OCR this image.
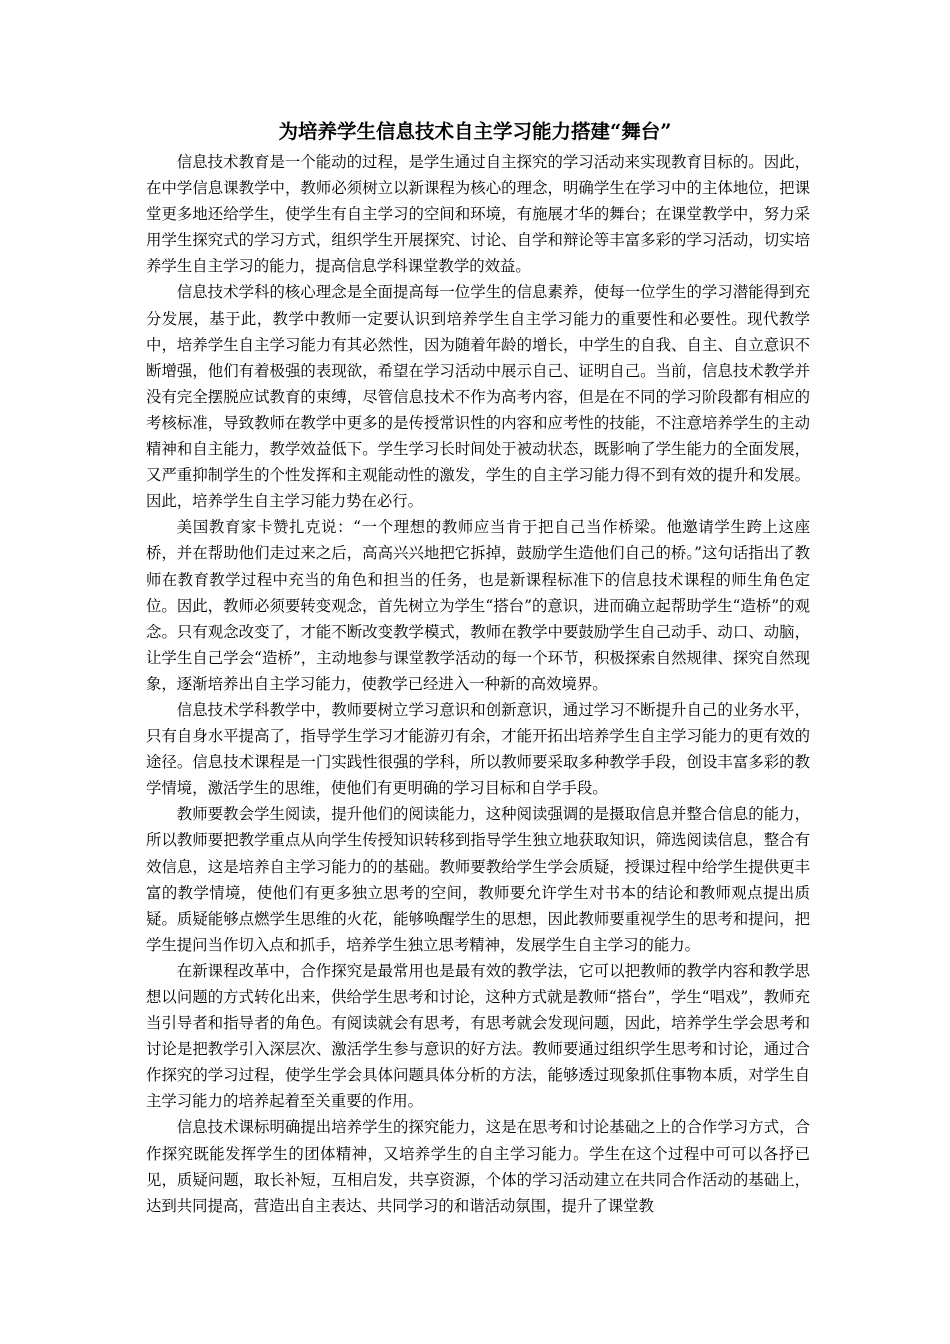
为培养学生信息技术自主学习能力搭建“舞台”

信息技术教育是一个能动的过程，是学生通过自主探究的学习活动来实现教育目标的。因此，在中学信息课教学中，教师必须树立以新课程为核心的理念，明确学生在学习中的主体地位，把课堂更多地还给学生，使学生有自主学习的空间和环境，有施展才华的舞台；在课堂教学中，努力采用学生探究式的学习方式，组织学生开展探究、讨论、自学和辩论等丰富多彩的学习活动，切实培养学生自主学习的能力，提高信息学科课堂教学的效益。

信息技术学科的核心理念是全面提高每一位学生的信息素养，使每一位学生的学习潜能得到充分发展，基于此，教学中教师一定要认识到培养学生自主学习能力的重要性和必要性。现代教学中，培养学生自主学习能力有其必然性，因为随着年龄的增长，中学生的自我、自主、自立意识不断增强，他们有着极强的表现欲，希望在学习活动中展示自己、证明自己。当前，信息技术教学并没有完全摆脱应试教育的束缚，尽管信息技术不作为高考内容，但是在不同的学习阶段都有相应的考核标准，导致教师在教学中更多的是传授常识性的内容和应考性的技能，不注意培养学生的主动精神和自主能力，教学效益低下。学生学习长时间处于被动状态，既影响了学生能力的全面发展，又严重抑制学生的个性发挥和主观能动性的激发，学生的自主学习能力得不到有效的提升和发展。因此，培养学生自主学习能力势在必行。

美国教育家卡赞扎克说：“一个理想的教师应当肯于把自己当作桥梁。他邀请学生跨上这座桥，并在帮助他们走过来之后，高高兴兴地把它拆掉，鼓励学生造他们自己的桥。”这句话指出了教师在教育教学过程中充当的角色和担当的任务，也是新课程标准下的信息技术课程的师生角色定位。因此，教师必须要转变观念，首先树立为学生“搭台”的意识，进而确立起帮助学生“造桥”的观念。只有观念改变了，才能不断改变教学模式，教师在教学中要鼓励学生自己动手、动口、动脑，让学生自己学会“造桥”，主动地参与课堂教学活动的每一个环节，积极探索自然规律、探究自然现象，逐渐培养出自主学习能力，使教学已经进入一种新的高效境界。

信息技术学科教学中，教师要树立学习意识和创新意识，通过学习不断提升自己的业务水平，只有自身水平提高了，指导学生学习才能游刃有余，才能开拓出培养学生自主学习能力的更有效的途径。信息技术课程是一门实践性很强的学科，所以教师要采取多种教学手段，创设丰富多彩的教学情境，激活学生的思维，使他们有更明确的学习目标和自学手段。

教师要教会学生阅读，提升他们的阅读能力，这种阅读强调的是摄取信息并整合信息的能力，所以教师要把教学重点从向学生传授知识转移到指导学生独立地获取知识，筛选阅读信息，整合有效信息，这是培养自主学习能力的的基础。教师要教给学生学会质疑，授课过程中给学生提供更丰富的教学情境，使他们有更多独立思考的空间，教师要允许学生对书本的结论和教师观点提出质疑。质疑能够点燃学生思维的火花，能够唤醒学生的思想，因此教师要重视学生的思考和提问，把学生提问当作切入点和抓手，培养学生独立思考精神，发展学生自主学习的能力。

在新课程改革中，合作探究是最常用也是最有效的教学法，它可以把教师的教学内容和教学思想以问题的方式转化出来，供给学生思考和讨论，这种方式就是教师“搭台”，学生“唱戏”，教师充当引导者和指导者的角色。有阅读就会有思考，有思考就会发现问题，因此，培养学生学会思考和讨论是把教学引入深层次、激活学生参与意识的好方法。教师要通过组织学生思考和讨论，通过合作探究的学习过程，使学生学会具体问题具体分析的方法，能够透过现象抓住事物本质，对学生自主学习能力的培养起着至关重要的作用。

信息技术课标明确提出培养学生的探究能力，这是在思考和讨论基础之上的合作学习方式，合作探究既能发挥学生的团体精神，又培养学生的自主学习能力。学生在这个过程中可可以各抒已见，质疑问题，取长补短，互相启发，共享资源，个体的学习活动建立在共同合作活动的基础上，达到共同提高，营造出自主表达、共同学习的和谐活动氛围，提升了课堂教
